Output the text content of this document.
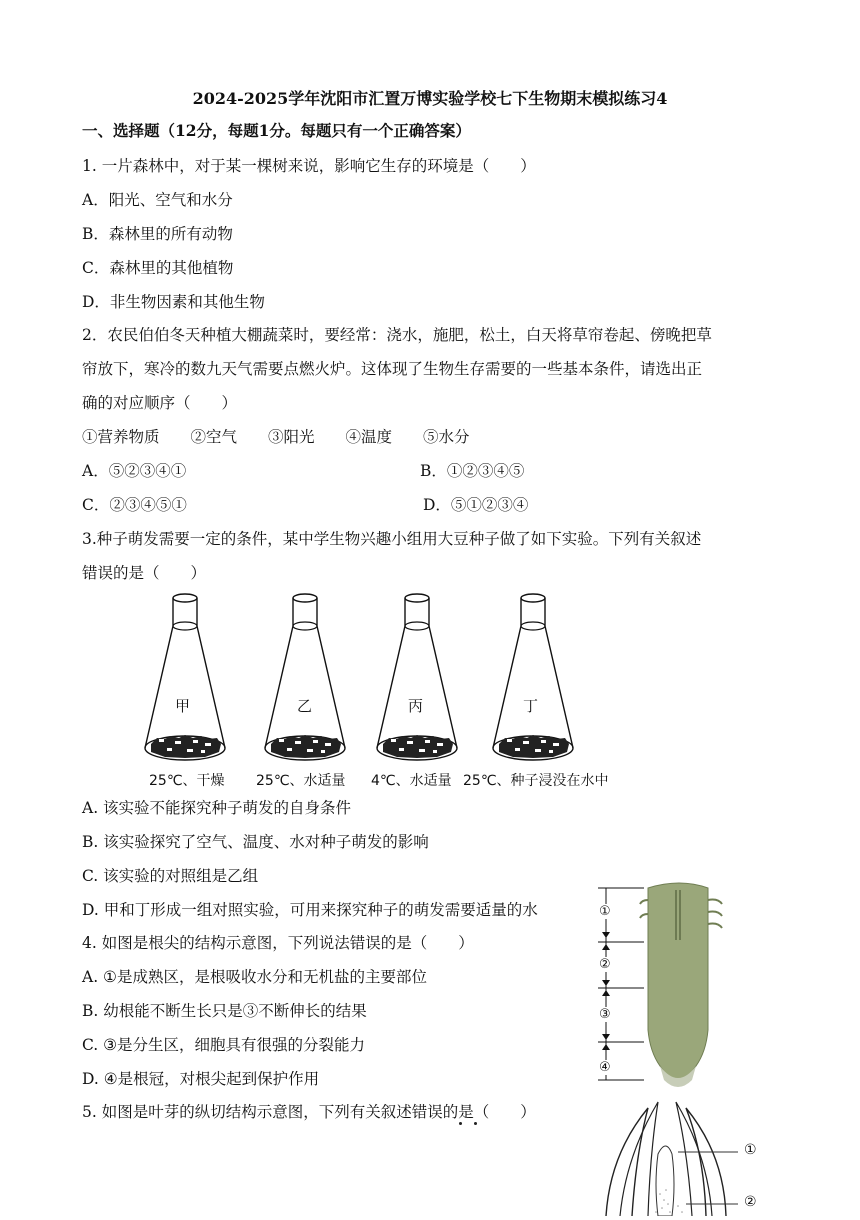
2024-2025学年沈阳市汇置万博实验学校七下生物期末模拟练习4
一、选择题（12分，每题1分。每题只有一个正确答案）
1. 一片森林中，对于某一棵树来说，影响它生存的环境是（　　）
A．阳光、空气和水分
B．森林里的所有动物
C．森林里的其他植物
D．非生物因素和其他生物
2．农民伯伯冬天种植大棚蔬菜时，要经常：浇水，施肥，松土，白天将草帘卷起、傍晚把草
帘放下，寒冷的数九天气需要点燃火炉。这体现了生物生存需要的一些基本条件，请选出正
确的对应顺序（　　）
①营养物质　　②空气　　③阳光　　④温度　　⑤水分
A．⑤②③④①	B．①②③④⑤
C．②③④⑤①	D．⑤①②③④
3.种子萌发需要一定的条件，某中学生物兴趣小组用大豆种子做了如下实验。下列有关叙述
错误的是（　　）
甲	乙	丙	丁
25℃、干燥 25℃、水适量 4℃、水适量 25℃、种子浸没在水中
A. 该实验不能探究种子萌发的自身条件
B. 该实验探究了空气、温度、水对种子萌发的影响
C. 该实验的对照组是乙组
D. 甲和丁形成一组对照实验，可用来探究种子的萌发需要适量的水
4. 如图是根尖的结构示意图，下列说法错误的是（　　）
A. ①是成熟区，是根吸收水分和无机盐的主要部位
B. 幼根能不断生长只是③不断伸长的结果
C. ③是分生区，细胞具有很强的分裂能力
D. ④是根冠，对根尖起到保护作用
①
②
③
④
5. 如图是叶芽的纵切结构示意图，下列有关叙述错误的是（　　）
①
②
